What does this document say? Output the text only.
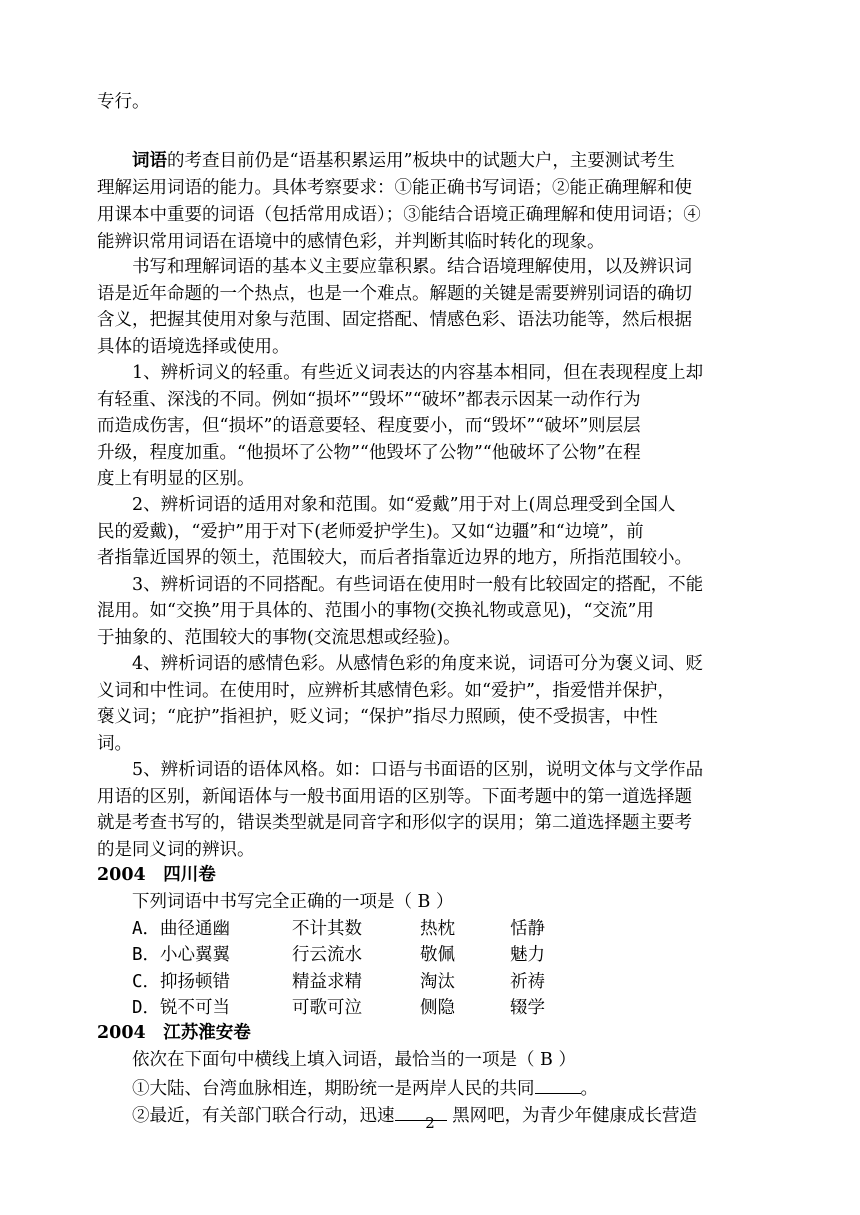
专行。
词语的考查目前仍是“语基积累运用”板块中的试题大户，主要测试考生
理解运用词语的能力。具体考察要求：①能正确书写词语；②能正确理解和使
用课本中重要的词语（包括常用成语）；③能结合语境正确理解和使用词语；④
能辨识常用词语在语境中的感情色彩，并判断其临时转化的现象。
书写和理解词语的基本义主要应靠积累。结合语境理解使用，以及辨识词
语是近年命题的一个热点，也是一个难点。解题的关键是需要辨别词语的确切
含义，把握其使用对象与范围、固定搭配、情感色彩、语法功能等，然后根据
具体的语境选择或使用。
1、辨析词义的轻重。有些近义词表达的内容基本相同，但在表现程度上却
有轻重、深浅的不同。例如“损坏”“毁坏”“破坏”都表示因某一动作行为
而造成伤害，但“损坏”的语意要轻、程度要小，而“毁坏”“破坏”则层层
升级，程度加重。“他损坏了公物”“他毁坏了公物”“他破坏了公物”在程
度上有明显的区别。
2、辨析词语的适用对象和范围。如“爱戴”用于对上(周总理受到全国人
民的爱戴)，“爱护”用于对下(老师爱护学生)。又如“边疆”和“边境”，前
者指靠近国界的领土，范围较大，而后者指靠近边界的地方，所指范围较小。
3、辨析词语的不同搭配。有些词语在使用时一般有比较固定的搭配，不能
混用。如“交换”用于具体的、范围小的事物(交换礼物或意见)，“交流”用
于抽象的、范围较大的事物(交流思想或经验)。
4、辨析词语的感情色彩。从感情色彩的角度来说，词语可分为褒义词、贬
义词和中性词。在使用时，应辨析其感情色彩。如“爱护”，指爱惜并保护，
褒义词；“庇护”指袒护，贬义词；“保护”指尽力照顾，使不受损害，中性
词。
5、辨析词语的语体风格。如：口语与书面语的区别，说明文体与文学作品
用语的区别，新闻语体与一般书面用语的区别等。下面考题中的第一道选择题
就是考查书写的，错误类型就是同音字和形似字的误用；第二道选择题主要考
的是同义词的辨识。
2004　四川卷
下列词语中书写完全正确的一项是（ B ）
A．曲径通幽	不计其数	热枕	恬静
B．小心翼翼	行云流水	敬佩	魅力
C．抑扬顿错	精益求精	淘汰	祈祷
D．锐不可当	可歌可泣	侧隐	辍学
2004　江苏淮安卷
依次在下面句中横线上填入词语，最恰当的一项是（ B ）
①大陆、台湾血脉相连，期盼统一是两岸人民的共同	。
②最近，有关部门联合行动，迅速	黑网吧，为青少年健康成长营造
2
